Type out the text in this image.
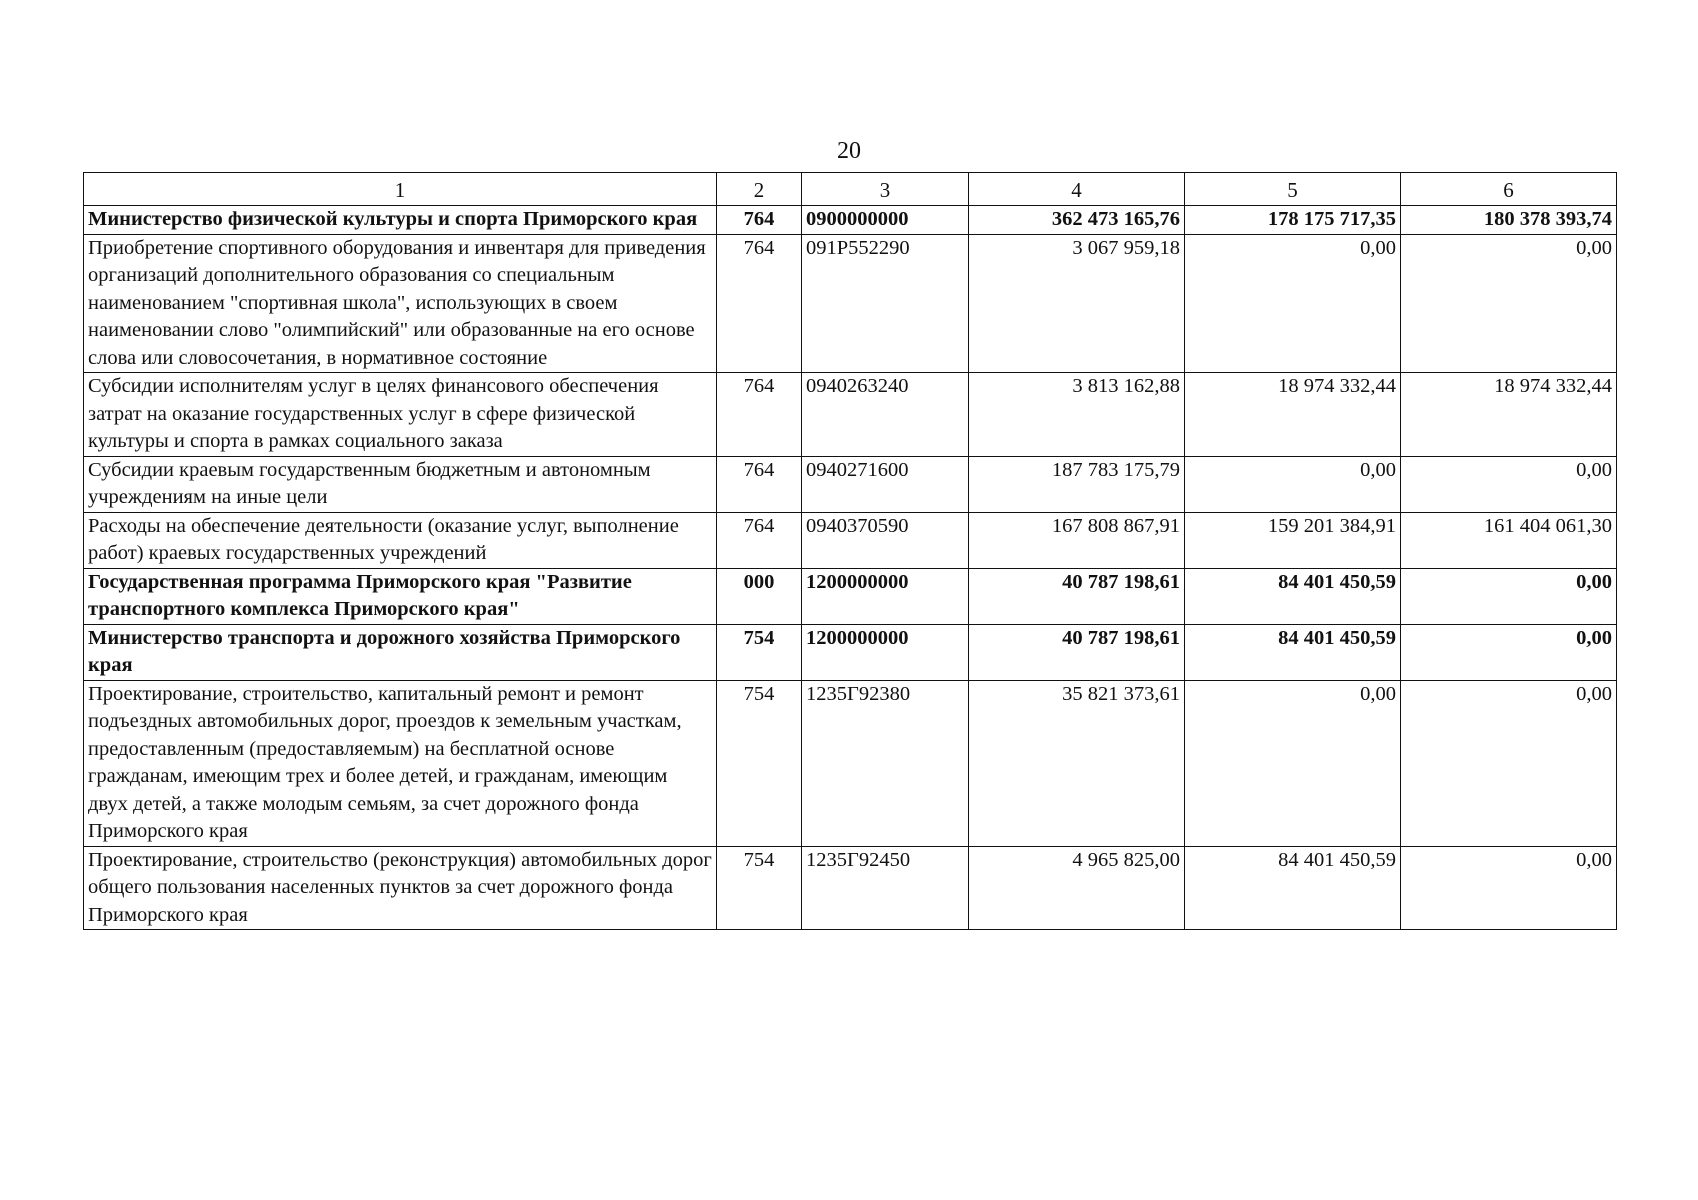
20
1	2	3	4	5	6
Министерство физической культуры и спорта Приморского края	764	0900000000	362 473 165,76	178 175 717,35	180 378 393,74
Приобретение спортивного оборудования и инвентаря для приведения организаций дополнительного образования со специальным наименованием "спортивная школа", использующих в своем наименовании слово "олимпийский" или образованные на его основе слова или словосочетания, в нормативное состояние	764	091Р552290	3 067 959,18	0,00	0,00
Субсидии исполнителям услуг в целях финансового обеспечения затрат на оказание государственных услуг в сфере физической культуры и спорта в рамках социального заказа	764	0940263240	3 813 162,88	18 974 332,44	18 974 332,44
Субсидии краевым государственным бюджетным и автономным учреждениям на иные цели	764	0940271600	187 783 175,79	0,00	0,00
Расходы на обеспечение деятельности (оказание услуг, выполнение работ) краевых государственных учреждений	764	0940370590	167 808 867,91	159 201 384,91	161 404 061,30
Государственная программа Приморского края "Развитие транспортного комплекса Приморского края"	000	1200000000	40 787 198,61	84 401 450,59	0,00
Министерство транспорта и дорожного хозяйства Приморского края	754	1200000000	40 787 198,61	84 401 450,59	0,00
Проектирование, строительство, капитальный ремонт и ремонт подъездных автомобильных дорог, проездов к земельным участкам, предоставленным (предоставляемым) на бесплатной основе гражданам, имеющим трех и более детей, и гражданам, имеющим двух детей, а также молодым семьям, за счет дорожного фонда Приморского края	754	1235Г92380	35 821 373,61	0,00	0,00
Проектирование, строительство (реконструкция) автомобильных дорог общего пользования населенных пунктов за счет дорожного фонда Приморского края	754	1235Г92450	4 965 825,00	84 401 450,59	0,00
